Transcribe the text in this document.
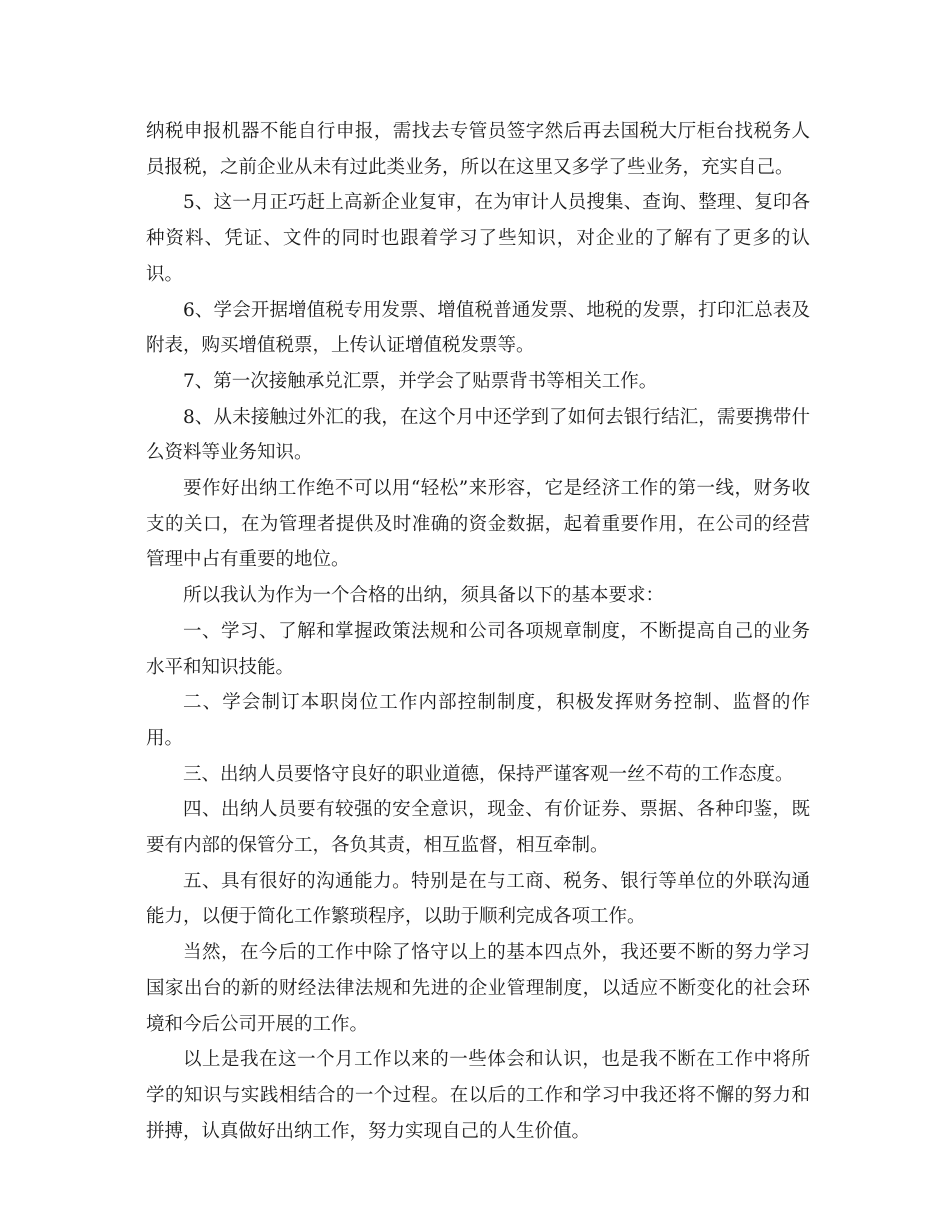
纳税申报机器不能自行申报，需找去专管员签字然后再去国税大厅柜台找税务人员报税，之前企业从未有过此类业务，所以在这里又多学了些业务，充实自己。

5、这一月正巧赶上高新企业复审，在为审计人员搜集、查询、整理、复印各种资料、凭证、文件的同时也跟着学习了些知识，对企业的了解有了更多的认识。

6、学会开据增值税专用发票、增值税普通发票、地税的发票，打印汇总表及附表，购买增值税票，上传认证增值税发票等。

7、第一次接触承兑汇票，并学会了贴票背书等相关工作。

8、从未接触过外汇的我，在这个月中还学到了如何去银行结汇，需要携带什么资料等业务知识。

要作好出纳工作绝不可以用“轻松”来形容，它是经济工作的第一线，财务收支的关口，在为管理者提供及时准确的资金数据，起着重要作用，在公司的经营管理中占有重要的地位。

所以我认为作为一个合格的出纳，须具备以下的基本要求：

一、学习、了解和掌握政策法规和公司各项规章制度，不断提高自己的业务水平和知识技能。

二、学会制订本职岗位工作内部控制制度，积极发挥财务控制、监督的作用。

三、出纳人员要恪守良好的职业道德，保持严谨客观一丝不苟的工作态度。

四、出纳人员要有较强的安全意识，现金、有价证券、票据、各种印鉴，既要有内部的保管分工，各负其责，相互监督，相互牵制。

五、具有很好的沟通能力。特别是在与工商、税务、银行等单位的外联沟通能力，以便于简化工作繁琐程序，以助于顺利完成各项工作。

当然，在今后的工作中除了恪守以上的基本四点外，我还要不断的努力学习国家出台的新的财经法律法规和先进的企业管理制度，以适应不断变化的社会环境和今后公司开展的工作。

以上是我在这一个月工作以来的一些体会和认识，也是我不断在工作中将所学的知识与实践相结合的一个过程。在以后的工作和学习中我还将不懈的努力和拼搏，认真做好出纳工作，努力实现自己的人生价值。
